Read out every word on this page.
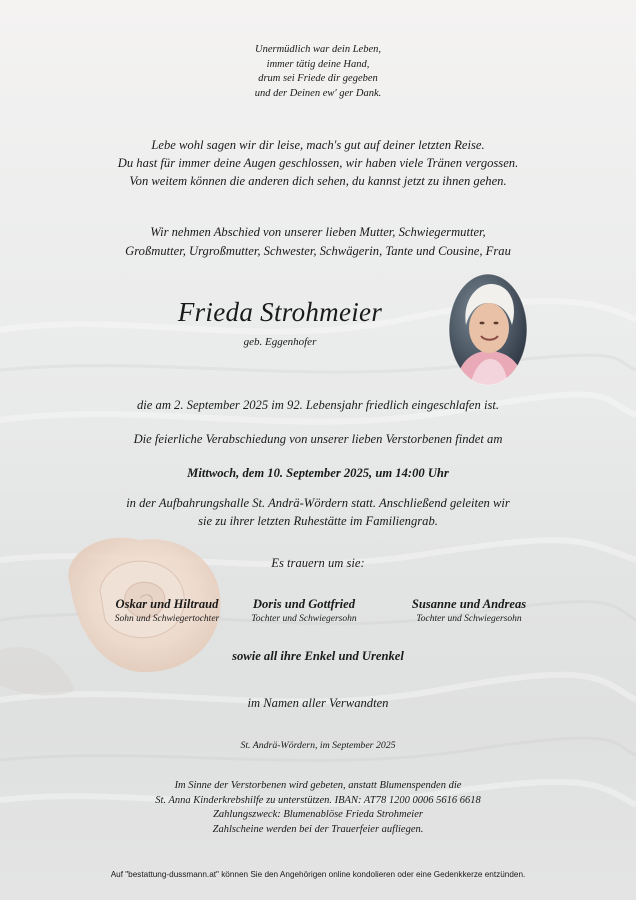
Unermüdlich war dein Leben,
immer tätig deine Hand,
drum sei Friede dir gegeben
und der Deinen ew' ger Dank.
Lebe wohl sagen wir dir leise, mach's gut auf deiner letzten Reise.
Du hast für immer deine Augen geschlossen, wir haben viele Tränen vergossen.
Von weitem können die anderen dich sehen, du kannst jetzt zu ihnen gehen.
Wir nehmen Abschied von unserer lieben Mutter, Schwiegermutter,
Großmutter, Urgroßmutter, Schwester, Schwägerin, Tante und Cousine, Frau
Frieda Strohmeier
geb. Eggenhofer
die am 2. September 2025 im 92. Lebensjahr friedlich eingeschlafen ist.
Die feierliche Verabschiedung von unserer lieben Verstorbenen findet am
Mittwoch, dem 10. September 2025, um 14:00 Uhr
in der Aufbahrungshalle St. Andrä-Wördern statt. Anschließend geleiten wir
sie zu ihrer letzten Ruhestätte im Familiengrab.
Es trauern um sie:
Oskar und Hiltraud
Sohn und Schwiegertochter
Doris und Gottfried
Tochter und Schwiegersohn
Susanne und Andreas
Tochter und Schwiegersohn
sowie all ihre Enkel und Urenkel
im Namen aller Verwandten
St. Andrä-Wördern, im September 2025
Im Sinne der Verstorbenen wird gebeten, anstatt Blumenspenden die
St. Anna Kinderkrebshilfe zu unterstützen. IBAN: AT78 1200 0006 5616 6618
Zahlungszweck: Blumenablöse Frieda Strohmeier
Zahlscheine werden bei der Trauerfeier aufliegen.
Auf "bestattung-dussmann.at" können Sie den Angehörigen online kondolieren oder eine Gedenkkerze entzünden.
